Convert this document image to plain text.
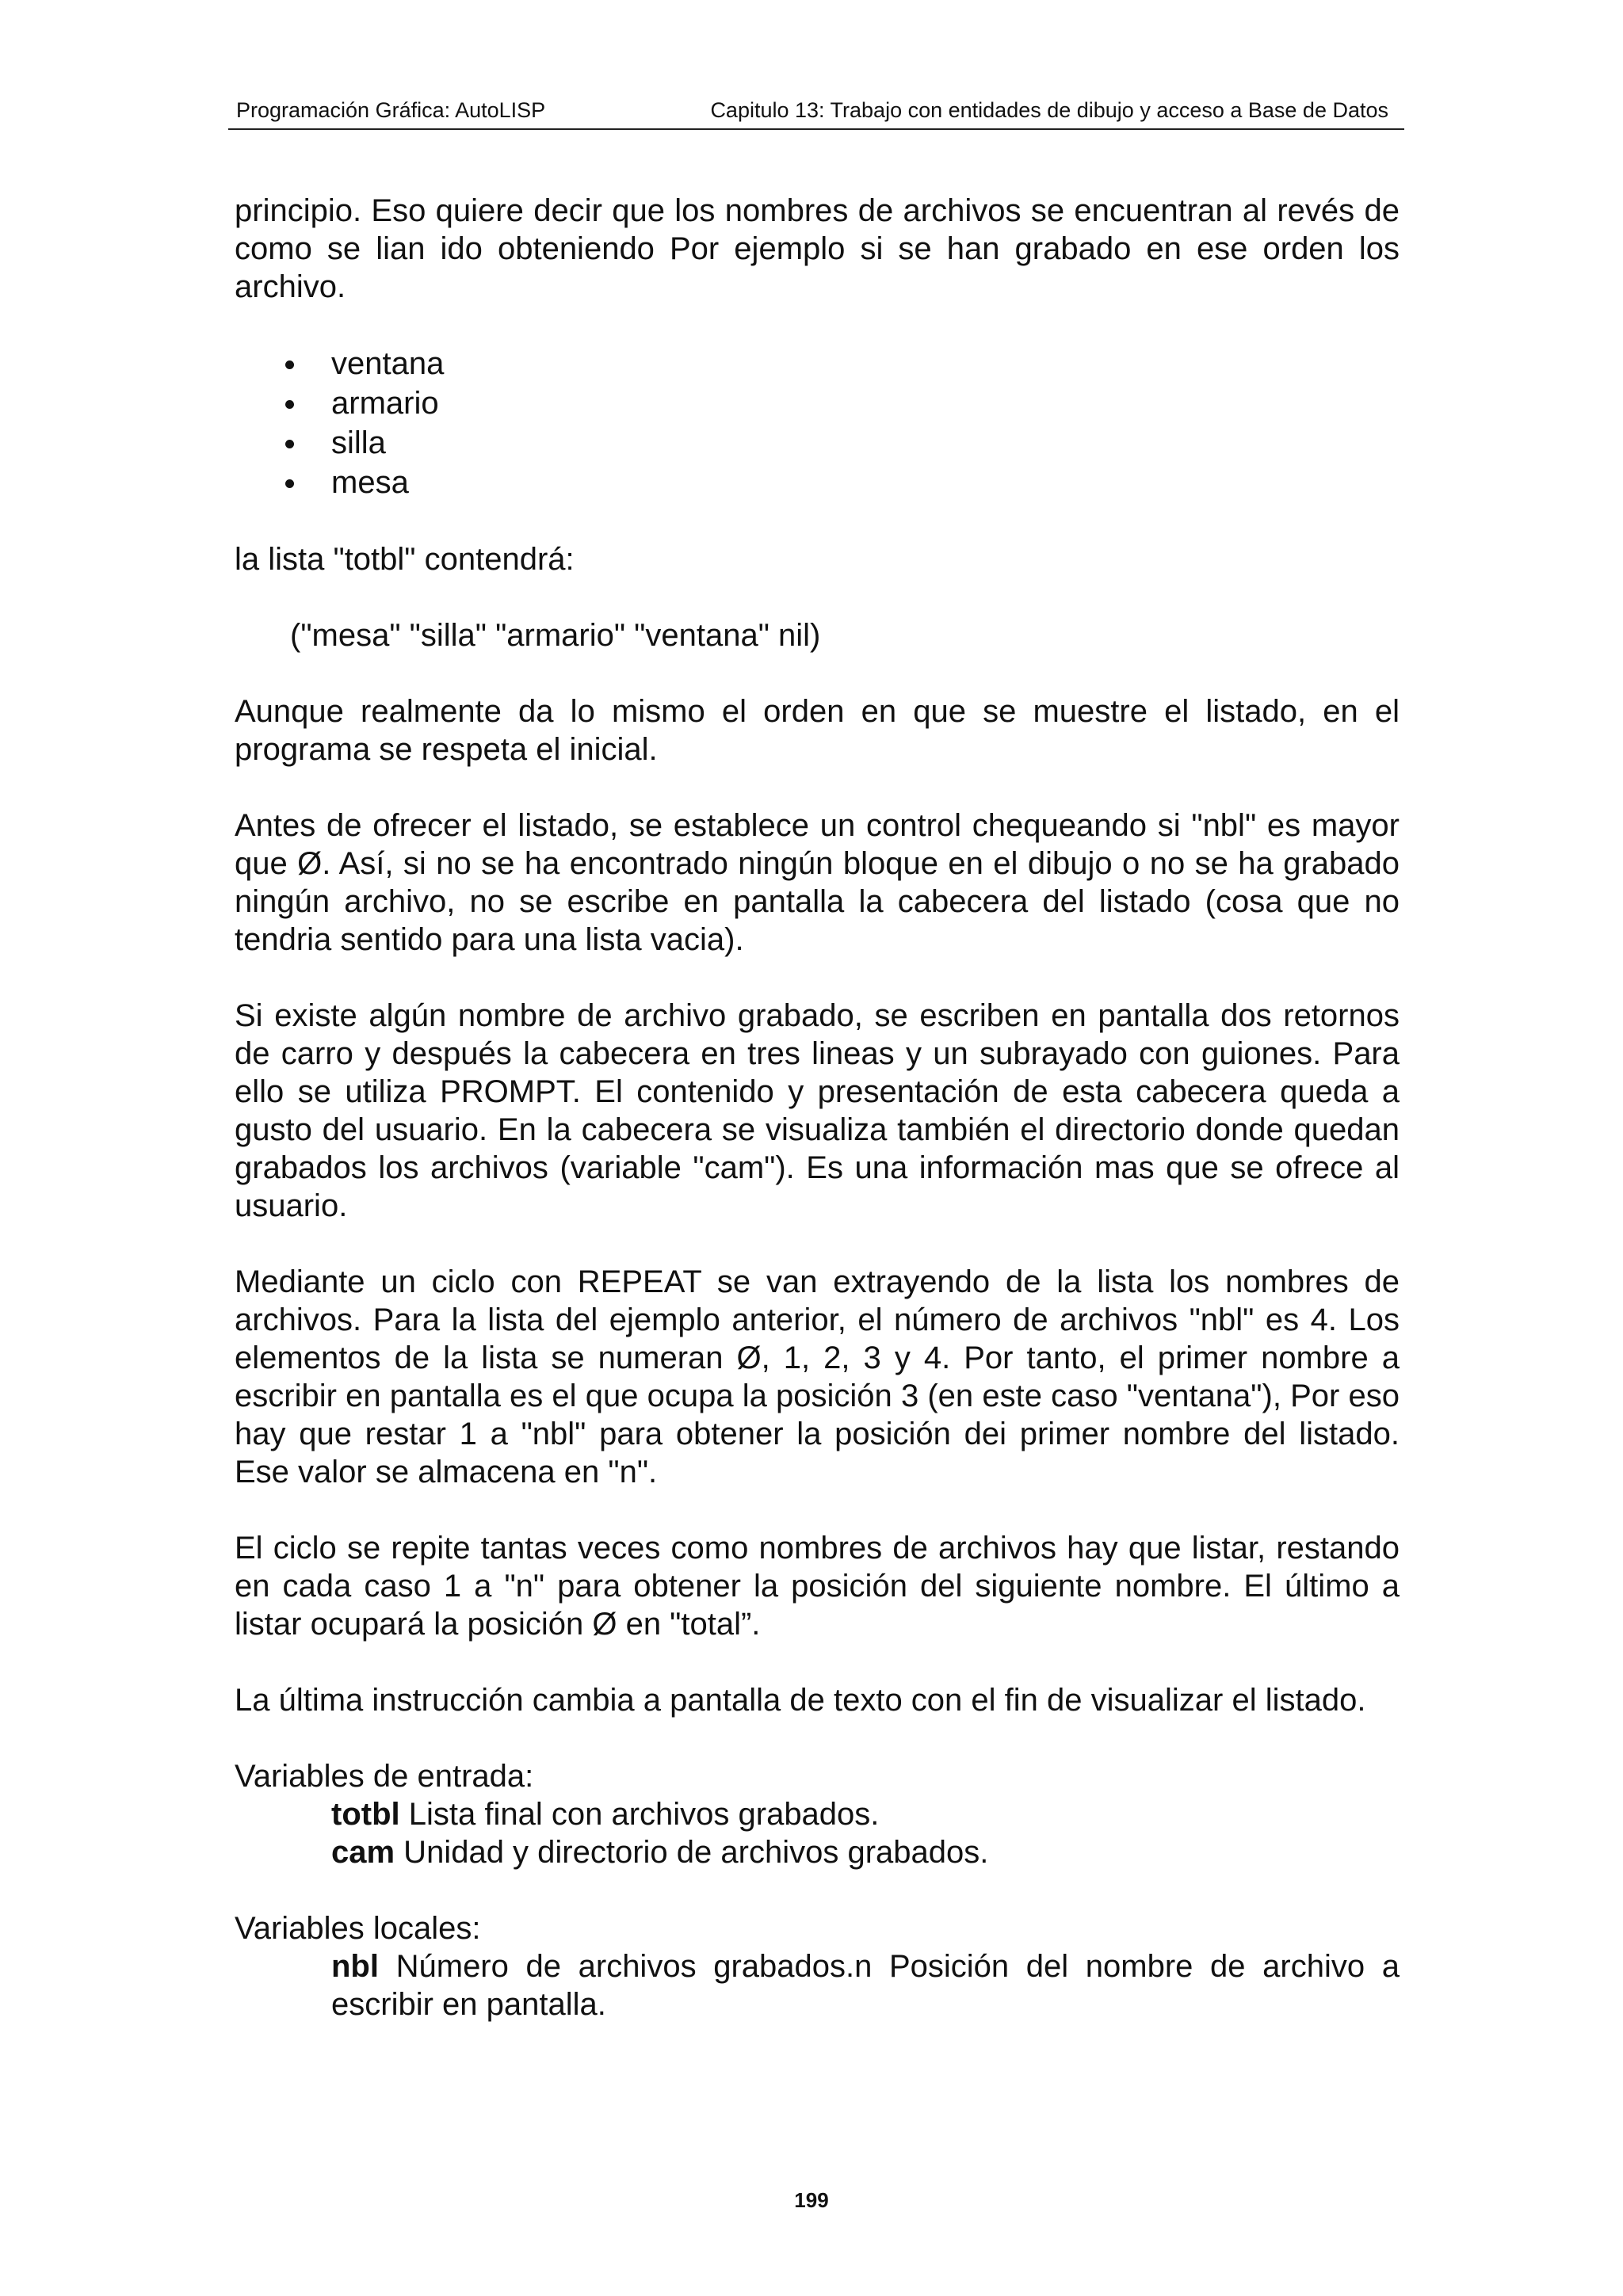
Programación Gráfica: AutoLISP	Capitulo 13: Trabajo con entidades de dibujo y acceso a Base de Datos

principio. Eso quiere decir que los nombres de archivos se encuentran al revés de como se lian ido obteniendo Por ejemplo si se han grabado en ese orden los archivo.

ventana
armario
silla
mesa

la lista "totbl" contendrá:

("mesa" "silla" "armario" "ventana" nil)

Aunque realmente da lo mismo el orden en que se muestre el listado, en el programa se respeta el inicial.

Antes de ofrecer el listado, se establece un control chequeando si "nbl" es mayor que Ø. Así, si no se ha encontrado ningún bloque en el dibujo o no se ha grabado ningún archivo, no se escribe en pantalla la cabecera del listado (cosa que no tendria sentido para una lista vacia).

Si existe algún nombre de archivo grabado, se escriben en pantalla dos retornos de carro y después la cabecera en tres lineas y un subrayado con guiones. Para ello se utiliza PROMPT. El contenido y presentación de esta cabecera queda a gusto del usuario. En la cabecera se visualiza también el directorio donde quedan grabados los archivos (variable "cam"). Es una información mas que se ofrece al usuario.

Mediante un ciclo con REPEAT se van extrayendo de la lista los nombres de archivos. Para la lista del ejemplo anterior, el número de archivos "nbl" es 4. Los elementos de la lista se numeran Ø, 1, 2, 3 y 4. Por tanto, el primer nombre a escribir en pantalla es el que ocupa la posición 3 (en este caso "ventana"), Por eso hay que restar 1 a "nbl" para obtener la posición dei primer nombre del listado. Ese valor se almacena en "n".

El ciclo se repite tantas veces como nombres de archivos hay que listar, restando en cada caso 1 a "n" para obtener la posición del siguiente nombre. El último a listar ocupará la posición Ø en "total”.

La última instrucción cambia a pantalla de texto con el fin de visualizar el listado.

Variables de entrada:

totbl Lista final con archivos grabados.

cam Unidad y directorio de archivos grabados.

Variables locales:

nbl Número de archivos grabados.n Posición del nombre de archivo a escribir en pantalla.

199
